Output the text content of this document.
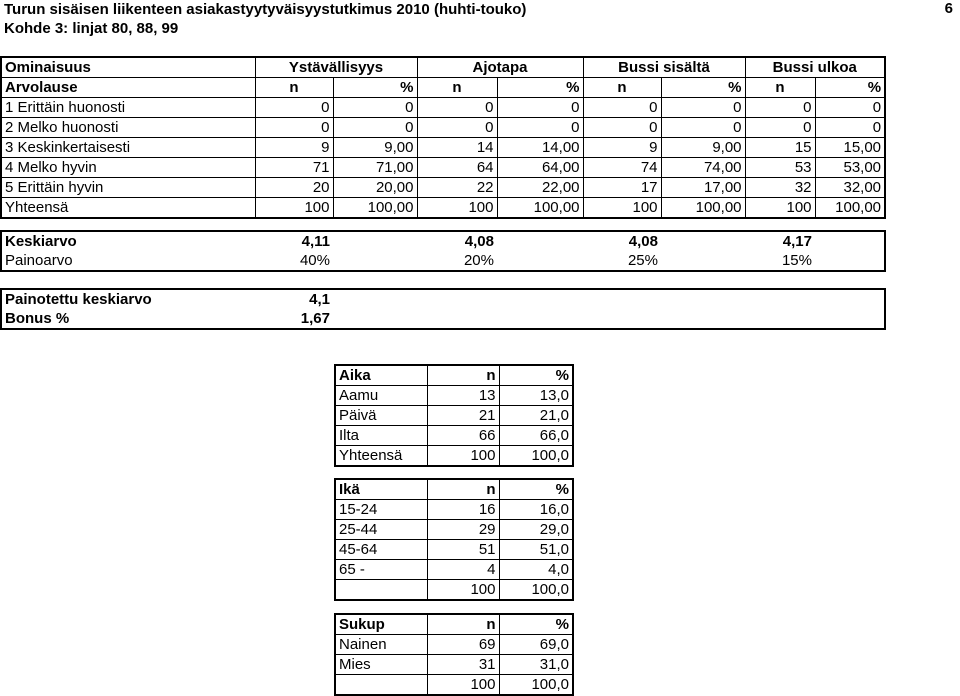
Turun sisäisen liikenteen asiakastyytyväisyystutkimus 2010 (huhti-touko)
Kohde 3: linjat 80, 88, 99
6
Ominaisuus	Ystävällisyys		Ajotapa		Bussi sisältä		Bussi ulkoa	
Arvolause	n	%	n	%	n	%	n	%
1 Erittäin huonosti	0	0	0	0	0	0	0	0
2 Melko huonosti	0	0	0	0	0	0	0	0
3 Keskinkertaisesti	9	9,00	14	14,00	9	9,00	15	15,00
4 Melko hyvin	71	71,00	64	64,00	74	74,00	53	53,00
5 Erittäin hyvin	20	20,00	22	22,00	17	17,00	32	32,00
Yhteensä	100	100,00	100	100,00	100	100,00	100	100,00
Keskiarvo	4,11		4,08		4,08		4,17	
Painoarvo	40%		20%		25%		15%	
Painotettu keskiarvo	4,1	
Bonus %	1,67	
Aika	n	%
Aamu	13	13,0
Päivä	21	21,0
Ilta	66	66,0
Yhteensä	100	100,0
Ikä	n	%
15-24	16	16,0
25-44	29	29,0
45-64	51	51,0
65 -	4	4,0
	100	100,0
Sukup	n	%
Nainen	69	69,0
Mies	31	31,0
	100	100,0
